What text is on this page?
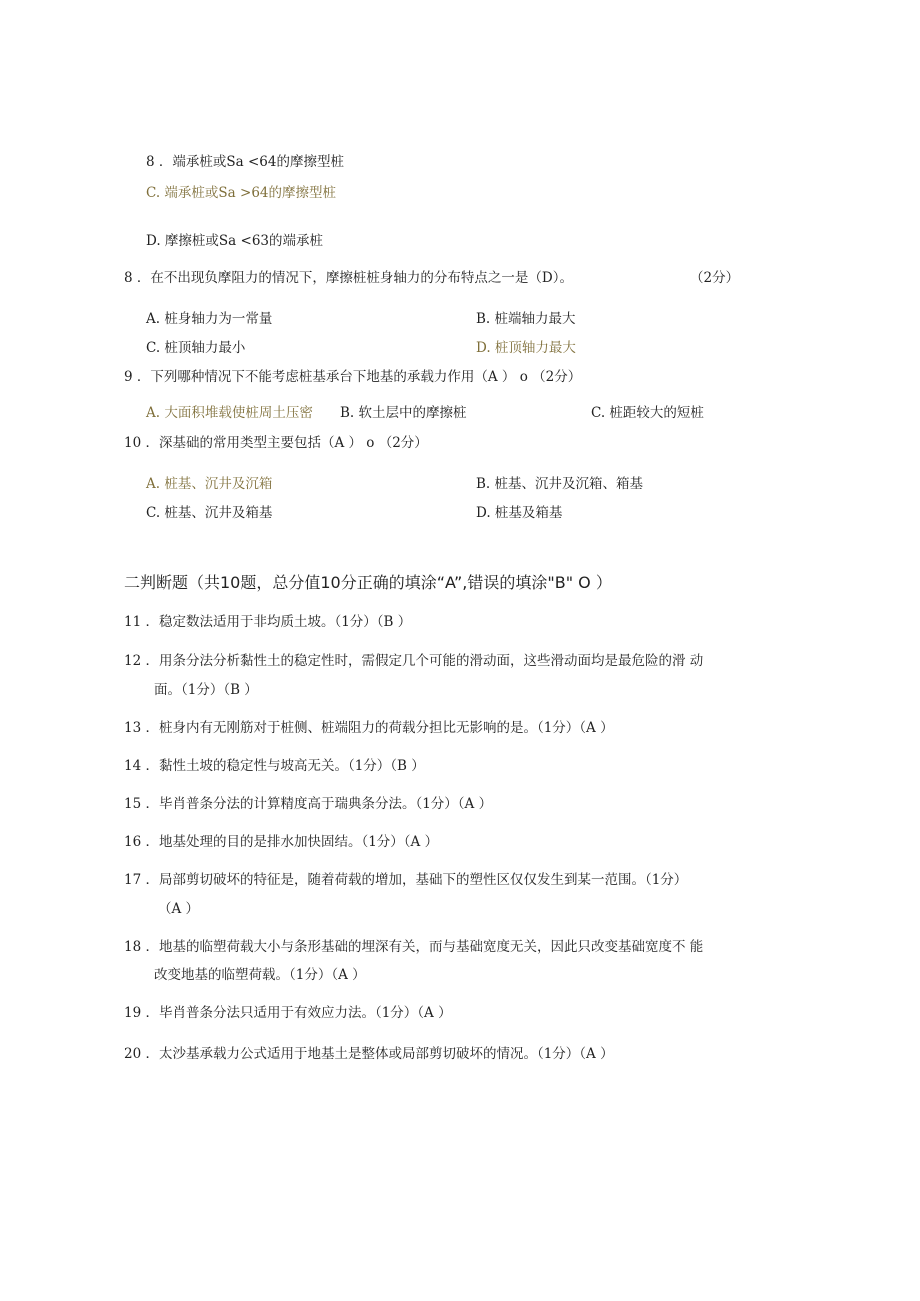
8 ．端承桩或Sa <64的摩擦型桩
C. 端承桩或Sa >64的摩擦型桩
D. 摩擦桩或Sa <63的端承桩
8 ．在不出现负摩阻力的情况下，摩擦桩桩身轴力的分布特点之一是（D）。	（2分）
A. 桩身轴力为一常量	B. 桩端轴力最大
C. 桩顶轴力最小	D. 桩顶轴力最大
9 ．下列哪种情况下不能考虑桩基承台下地基的承载力作用（A ） o （2分）
A. 大面积堆载使桩周土压密 B. 软土层中的摩擦桩	C. 桩距较大的短桩
10 ．深基础的常用类型主要包括（A ） o （2分）
A. 桩基、沉井及沉箱	B. 桩基、沉井及沉箱、箱基
C. 桩基、沉井及箱基	D. 桩基及箱基
二判断题（共10题，总分值10分正确的填涂“A”,错误的填涂"B" O ）
11 ．稳定数法适用于非均质土坡。（1分）（B ）
12 ．用条分法分析黏性土的稳定性时，需假定几个可能的滑动面，这些滑动面均是最危险的滑 动
面。（1分）（B ）
13 ．桩身内有无刚筋对于桩侧、桩端阻力的荷载分担比无影响的是。（1分）（A ）
14 ．黏性土坡的稳定性与坡高无关。（1分）（B ）
15 ．毕肖普条分法的计算精度高于瑞典条分法。（1分）（A ）
16 ．地基处理的目的是排水加快固结。（1分）（A ）
17 ．局部剪切破坏的特征是，随着荷载的增加，基础下的塑性区仅仅发生到某一范围。（1分）
（A ）
18 ．地基的临塑荷载大小与条形基础的埋深有关，而与基础宽度无关，因此只改变基础宽度不 能
改变地基的临塑荷载。（1分）（A ）
19 ．毕肖普条分法只适用于有效应力法。（1分）（A ）
20 ．太沙基承载力公式适用于地基土是整体或局部剪切破坏的情况。（1分）（A ）
